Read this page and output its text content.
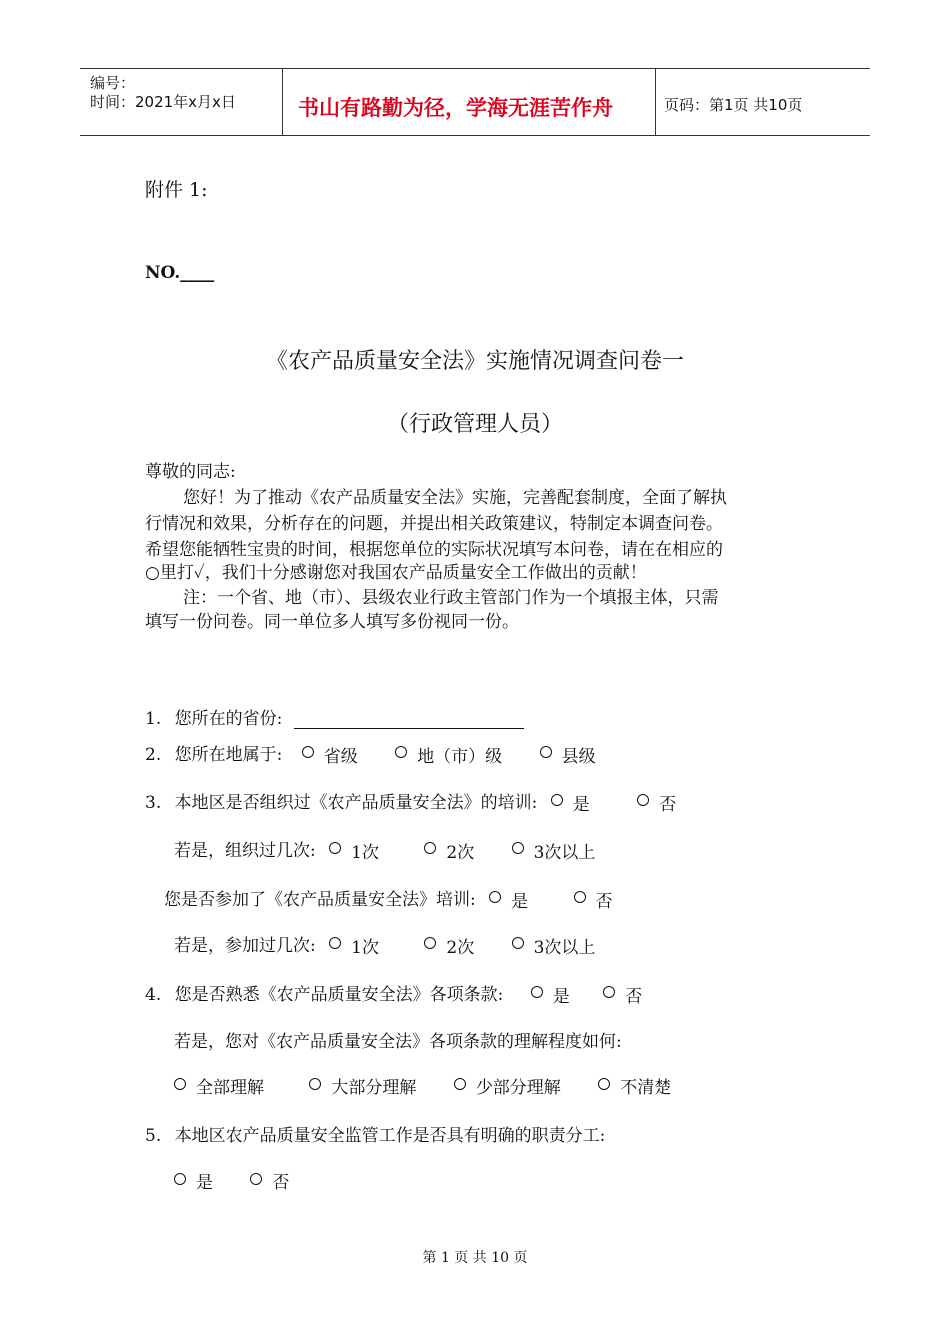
编号：
时间：2021年x月x日	书山有路勤为径，学海无涯苦作舟	页码：第1页 共10页
附件 1:
NO.____
《农产品质量安全法》实施情况调查问卷一
（行政管理人员）
尊敬的同志:
您好！为了推动《农产品质量安全法》实施，完善配套制度，全面了解执
行情况和效果，分析存在的问题，并提出相关政策建议，特制定本调查问卷。
希望您能牺牲宝贵的时间，根据您单位的实际状况填写本问卷，请在在相应的
○里打✓，我们十分感谢您对我国农产品质量安全工作做出的贡献！
注：一个省、地（市）、县级农业行政主管部门作为一个填报主体，只需
填写一份问卷。同一单位多人填写多份视同一份。
1. 您所在的省份:
2. 您所在地属于: 省级
	地（市）级
	县级
3. 本地区是否组织过《农产品质量安全法》的培训: 是
	否
若是，组织过几次: 1次
	2次
	3次以上
您是否参加了《农产品质量安全法》培训: 是
	否
若是，参加过几次: 1次
	2次
	3次以上
4. 您是否熟悉《农产品质量安全法》各项条款:	是
	否
若是，您对《农产品质量安全法》各项条款的理解程度如何:
全部理解
	大部分理解
	少部分理解
	不清楚
5. 本地区农产品质量安全监管工作是否具有明确的职责分工:
是
	否
第 1 页 共 10 页
